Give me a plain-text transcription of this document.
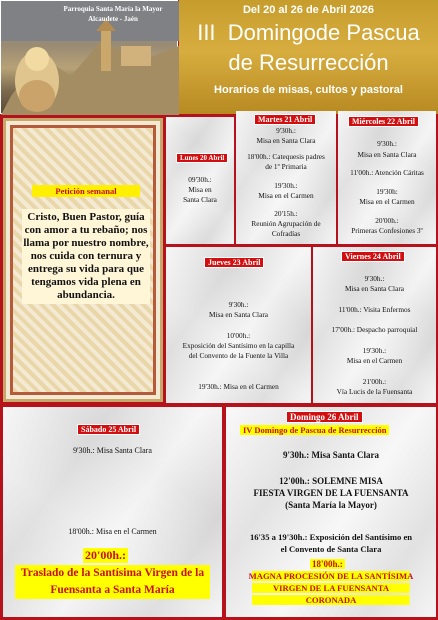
Parroquia Santa María la Mayor
Alcaudete - Jaén
Del 20 al 26 de Abril 2026
III  Domingode Pascua
de Resurrección
Horarios de misas, cultos y pastoral
Petición semanal
Cristo, Buen Pastor, guía con amor a tu rebaño; nos llama por nuestro nombre, nos cuida con ternura y entrega su vida para que tengamos vida plena en abundancia.
Lunes 20 Abril
09'30h.:
Misa en
Santa Clara
Martes 21 Abril
9'30h.:
Misa en Santa Clara
18'00h.: Catequesis padres
de 1º Primaria
19'30h.:
Misa en el Carmen
20'15h.:
Reunión Agrupación de
Cofradías
Miércoles 22 Abril
9'30h.:
Misa en Santa Clara
11'00h.: Atención Cáritas
19'30h:
Misa en el Carmen
20'00h.:
Primeras Confesiones 3º
Jueves 23 Abril
9'30h.:
Misa en Santa Clara
10'00h.:
Exposición del Santísimo en la capilla
del Convento de la Fuente la Villa
19'30h.: Misa en el Carmen
Viernes 24 Abril
9'30h.:
Misa en Santa Clara
11'00h.: Visita Enfermos
17'00h.: Despacho parroquial
19'30h.:
Misa en el Carmen
21'00h.:
Vía Lucis de la Fuensanta
Sábado 25 Abril
9'30h.: Misa Santa Clara
18'00h.: Misa en el Carmen
20'00h.:
Traslado de la Santísima Virgen de la Fuensanta a Santa María
Domingo 26 Abril
IV Domingo de Pascua de Resurrección
9'30h.: Misa Santa Clara
12'00h.: SOLEMNE MISA
FIESTA VIRGEN DE LA FUENSANTA
(Santa María la Mayor)
16'35 a 19'30h.: Exposición del Santísimo en
el Convento de Santa Clara
18'00h.:
MAGNA PROCESIÓN DE LA SANTÍSIMA
VIRGEN DE LA FUENSANTA
CORONADA
